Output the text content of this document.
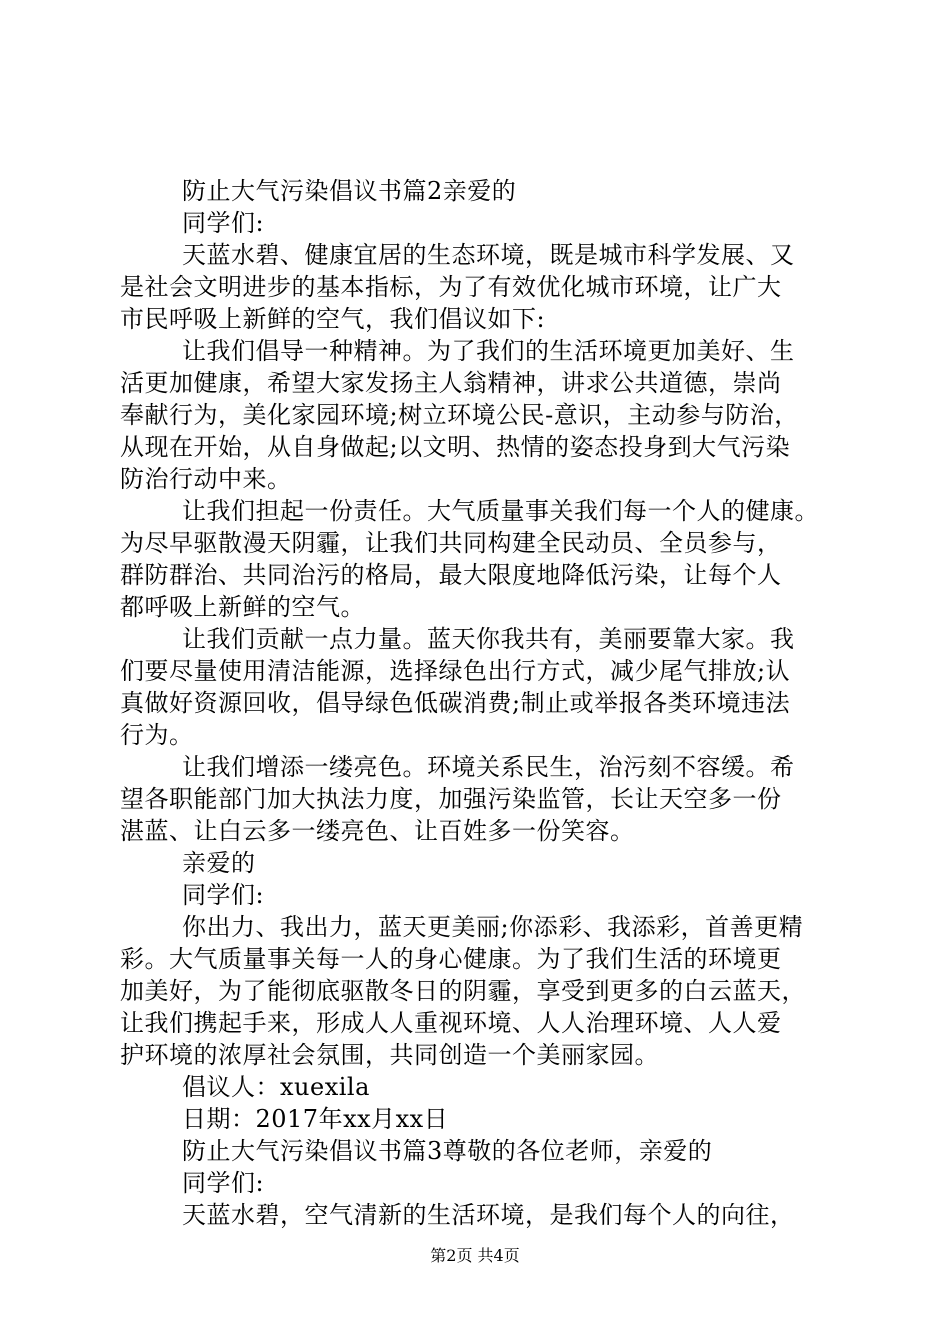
防止大气污染倡议书篇2亲爱的
同学们:
天蓝水碧、健康宜居的生态环境，既是城市科学发展、又
是社会文明进步的基本指标，为了有效优化城市环境，让广大
市民呼吸上新鲜的空气，我们倡议如下:
让我们倡导一种精神。为了我们的生活环境更加美好、生
活更加健康，希望大家发扬主人翁精神，讲求公共道德，崇尚
奉献行为，美化家园环境;树立环境公民-意识，主动参与防治，
从现在开始，从自身做起;以文明、热情的姿态投身到大气污染
防治行动中来。
让我们担起一份责任。大气质量事关我们每一个人的健康。
为尽早驱散漫天阴霾，让我们共同构建全民动员、全员参与，
群防群治、共同治污的格局，最大限度地降低污染，让每个人
都呼吸上新鲜的空气。
让我们贡献一点力量。蓝天你我共有，美丽要靠大家。我
们要尽量使用清洁能源，选择绿色出行方式，减少尾气排放;认
真做好资源回收，倡导绿色低碳消费;制止或举报各类环境违法
行为。
让我们增添一缕亮色。环境关系民生，治污刻不容缓。希
望各职能部门加大执法力度，加强污染监管，长让天空多一份
湛蓝、让白云多一缕亮色、让百姓多一份笑容。
亲爱的
同学们:
你出力、我出力，蓝天更美丽;你添彩、我添彩，首善更精
彩。大气质量事关每一人的身心健康。为了我们生活的环境更
加美好，为了能彻底驱散冬日的阴霾，享受到更多的白云蓝天，
让我们携起手来，形成人人重视环境、人人治理环境、人人爱
护环境的浓厚社会氛围，共同创造一个美丽家园。
倡议人：xuexila
日期：2017年xx月xx日
防止大气污染倡议书篇3尊敬的各位老师，亲爱的
同学们:
天蓝水碧，空气清新的生活环境，是我们每个人的向往，
第2页 共4页
